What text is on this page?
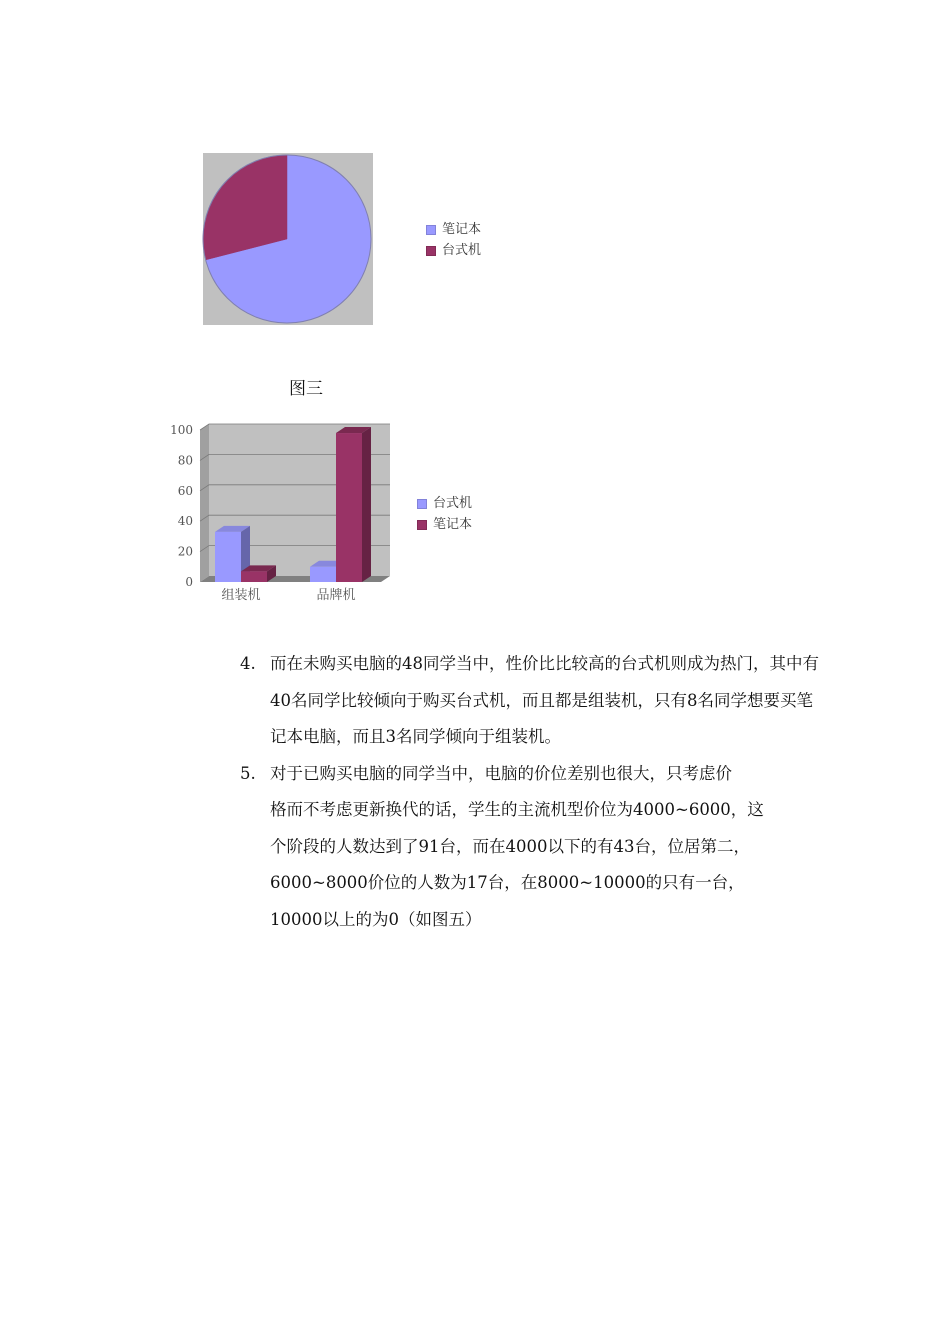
笔记本
台式机
图三
0
20
40
60
80
100
组装机	品牌机
台式机
笔记本
4. 而在未购买电脑的48同学当中，性价比比较高的台式机则成为热门，其中有40名同学比较倾向于购买台式机，而且都是组装机，只有8名同学想要买笔记本电脑，而且3名同学倾向于组装机。
5. 对于已购买电脑的同学当中，电脑的价位差别也很大，只考虑价
格而不考虑更新换代的话，学生的主流机型价位为4000~6000，这
个阶段的人数达到了91台，而在4000以下的有43台，位居第二，
6000~8000价位的人数为17台，在8000~10000的只有一台，
10000以上的为0（如图五）
